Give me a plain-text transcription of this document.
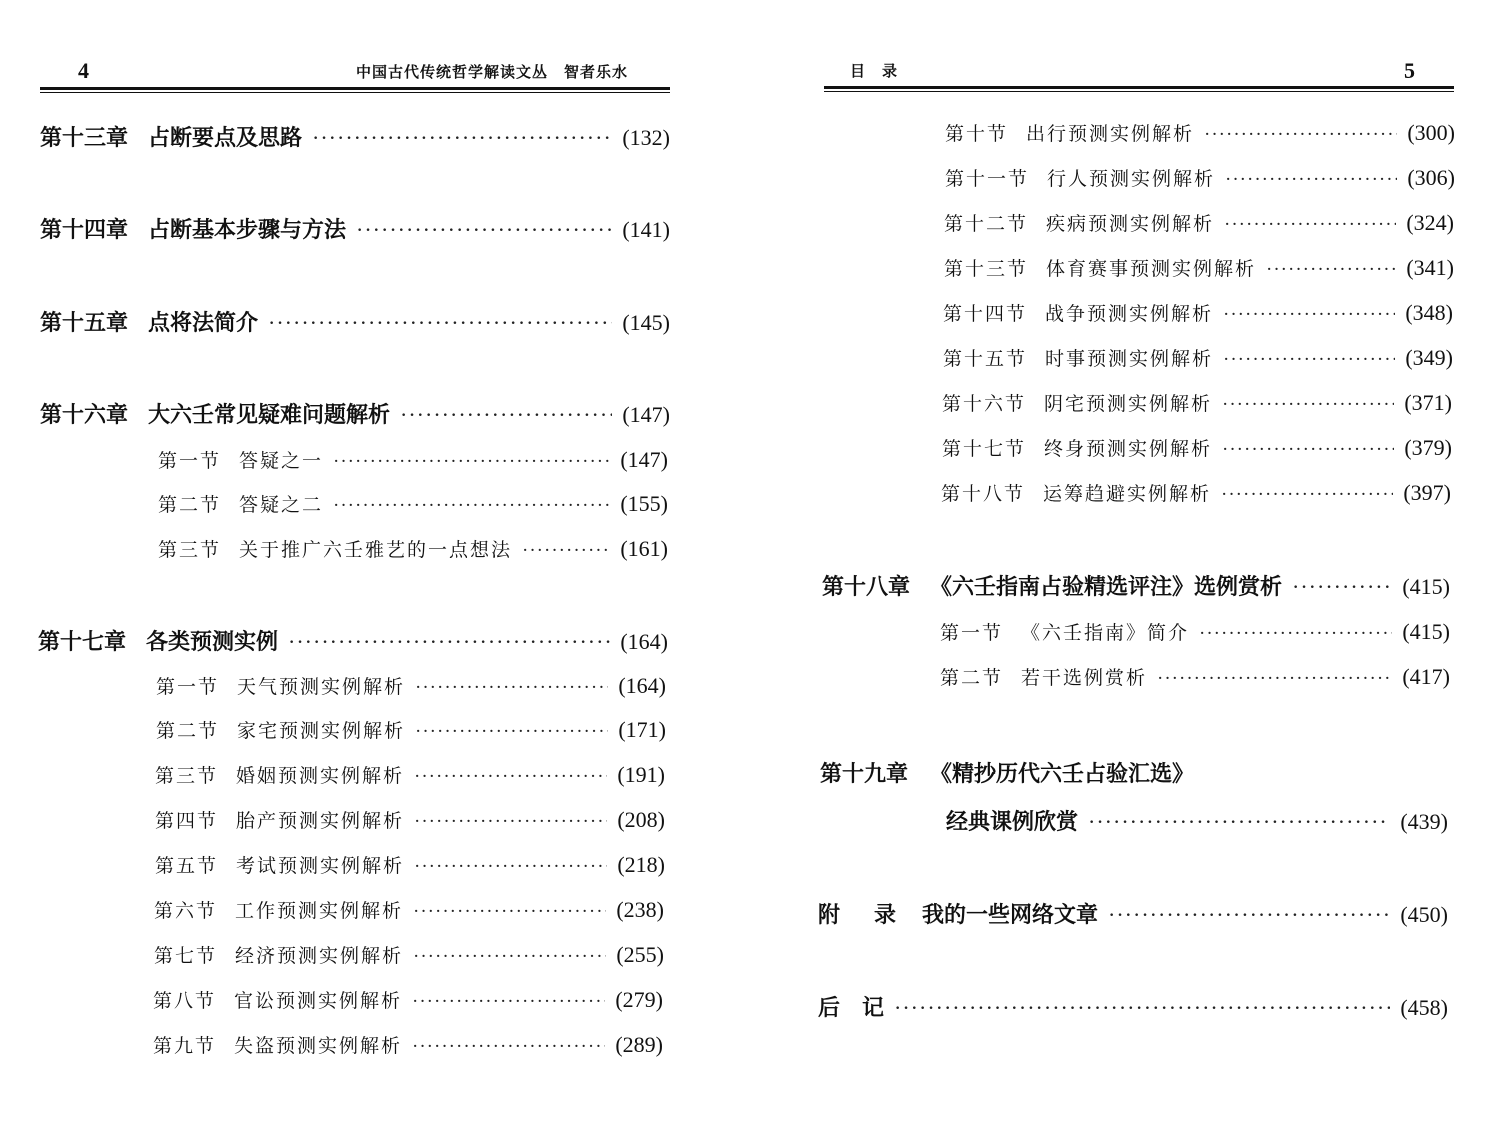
4	中国古代传统哲学解读文丛　智者乐水
第十三章 占断要点及思路 ·····	(132)
第十四章 占断基本步骤与方法 ·····	(141)
第十五章 点将法简介 ·····	(145)
第十六章 大六壬常见疑难问题解析 ·····	(147)
第一节 答疑之一 ·····	(147)
第二节 答疑之二 ·····	(155)
第三节 关于推广六壬雅艺的一点想法 ·····	(161)
第十七章 各类预测实例 ·····	(164)
第一节 天气预测实例解析 ·····	(164)
第二节 家宅预测实例解析 ·····	(171)
第三节 婚姻预测实例解析 ·····	(191)
第四节 胎产预测实例解析 ·····	(208)
第五节 考试预测实例解析 ·····	(218)
第六节 工作预测实例解析 ·····	(238)
第七节 经济预测实例解析 ·····	(255)
第八节 官讼预测实例解析 ·····	(279)
第九节 失盗预测实例解析 ·····	(289)
目　录	5
第十节 出行预测实例解析 ·····	(300)
第十一节 行人预测实例解析 ·····	(306)
第十二节 疾病预测实例解析 ·····	(324)
第十三节 体育赛事预测实例解析 ·····	(341)
第十四节 战争预测实例解析 ·····	(348)
第十五节 时事预测实例解析 ·····	(349)
第十六节 阴宅预测实例解析 ·····	(371)
第十七节 终身预测实例解析 ·····	(379)
第十八节 运筹趋避实例解析 ·····	(397)
第十八章 《六壬指南占验精选评注》选例赏析 ·····	(415)
第一节 《六壬指南》简介 ·····	(415)
第二节 若干选例赏析 ·····	(417)
第十九章 《精抄历代六壬占验汇选》
经典课例欣赏 ·····	(439)
附　录 我的一些网络文章 ·····	(450)
后　记 ·····	(458)
